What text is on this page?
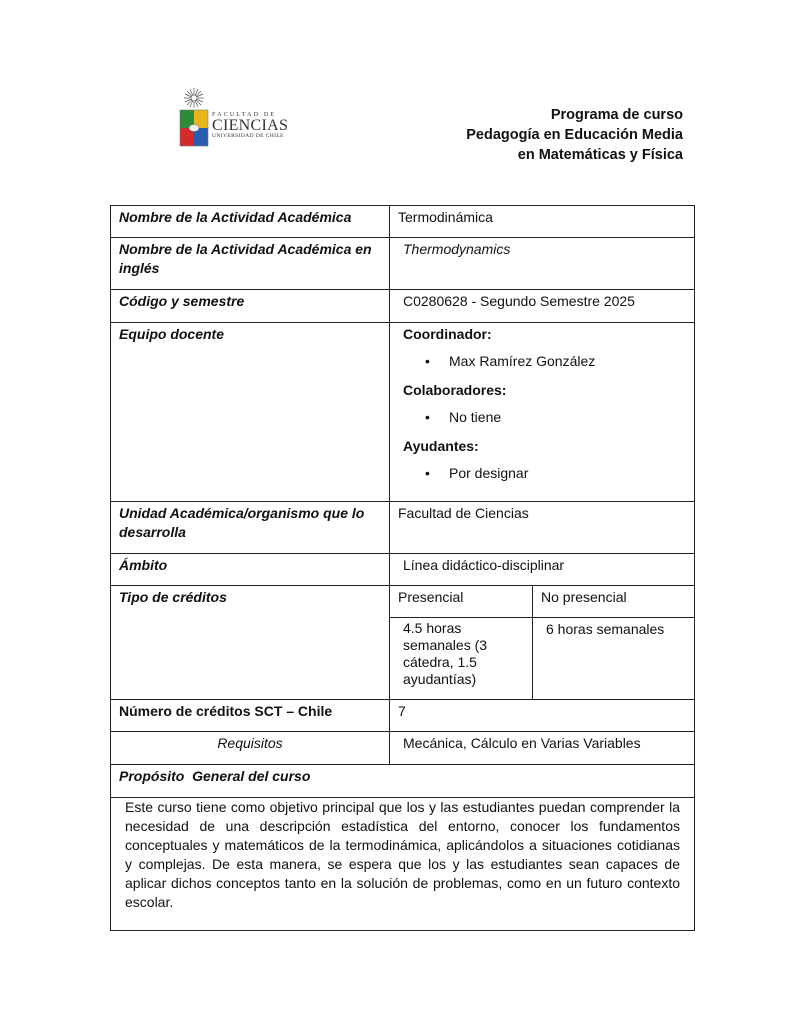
FACULTAD DE
CIENCIAS
UNIVERSIDAD DE CHILE
Programa de curso
Pedagogía en Educación Media
en Matemáticas y Física
Nombre de la Actividad Académica	Termodinámica	
Nombre de la Actividad Académica en inglés	Thermodynamics	
Código y semestre	C0280628 - Segundo Semestre 2025	
Equipo docente	Coordinador:
• Max Ramírez González
Colaboradores:
• No tiene
Ayudantes:
• Por designar

Unidad Académica/organismo que lo desarrolla	Facultad de Ciencias	
Ámbito	Línea didáctico-disciplinar	
Tipo de créditos	Presencial	No presencial
	4.5 horas semanales (3 cátedra, 1.5 ayudantías)	6 horas semanales
Número de créditos SCT – Chile	7	
Requisitos	Mecánica, Cálculo en Varias Variables	
Propósito  General del curso		
Este curso tiene como objetivo principal que los y las estudiantes puedan comprender la necesidad de una descripción estadística del entorno, conocer los fundamentos conceptuales y matemáticos de la termodinámica, aplicándolos a situaciones cotidianas y complejas. De esta manera, se espera que los y las estudiantes sean capaces de aplicar dichos conceptos tanto en la solución de problemas, como en un futuro contexto escolar.		
